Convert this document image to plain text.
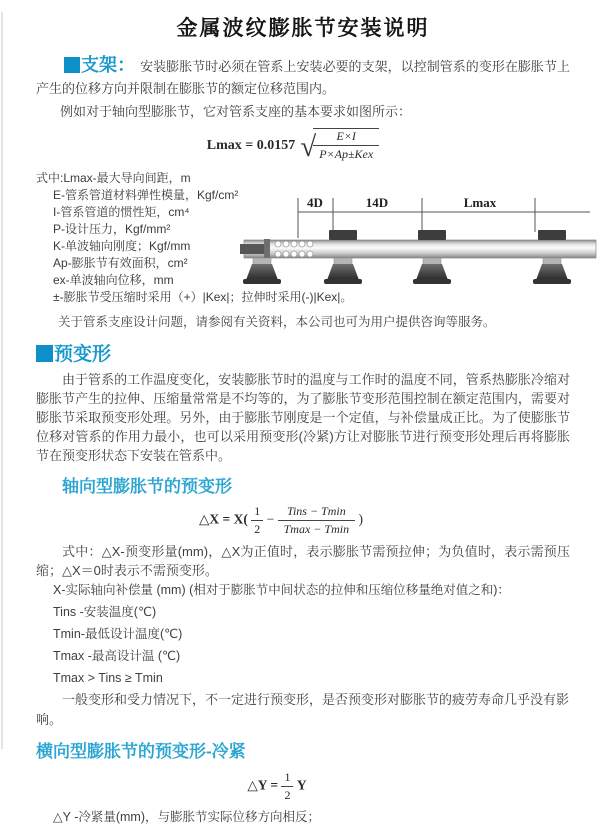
金属波纹膨胀节安装说明

支架： 安装膨胀节时必须在管系上安装必要的支架，以控制管系的变形在膨胀节上产生的位移方向并限制在膨胀节的额定位移范围内。

例如对于轴向型膨胀节，它对管系支座的基本要求如图所示：

Lmax = 0.0157 √
$\frac{E\times I}{\text{P×Ap±Kex}}$
式中:Lmax-最大导向间距，m
E-管系管道材料弹性模量，Kgf/cm²
I-管系管道的惯性矩，cm⁴
P-设计压力，Kgf/mm²
K-单波轴向刚度；Kgf/mm
Ap-膨胀节有效面积，cm²
ex-单波轴向位移，mm
±-膨胀节受压缩时采用（+）|Kex|；拉伸时采用(-)|Kex|。
4D	14D	Lmax

关于管系支座设计问题，请参阅有关资料，本公司也可为用户提供咨询等服务。

预变形

由于管系的工作温度变化，安装膨胀节时的温度与工作时的温度不同，管系热膨胀冷缩对膨胀节产生的拉伸、压缩量常常是不均等的，为了膨胀节变形范围控制在额定范围内，需要对膨胀节采取预变形处理。另外，由于膨胀节刚度是一个定值，与补偿量成正比。为了使膨胀节位移对管系的作用力最小，也可以采用预变形(冷紧)方让对膨胀节进行预变形处理后再将膨胀节在预变形状态下安装在管系中。

轴向型膨胀节的预变形
△X = $X( \frac{1}{2} - \frac{\text{Tins − Tmin}}{Tmax - Tmin}$ )

式中：△X-预变形量(mm)，△X为正值时，表示膨胀节需预拉伸；为负值时，表示需预压缩；△X＝0时表示不需预变形。

X-实际轴向补偿量 (mm) (相对于膨胀节中间状态的拉伸和压缩位移量绝对值之和)：
Tins -安装温度(℃)
Tmin-最低设计温度(℃)
Tmax -最高设计温 (℃)
Tmax > Tins ≥ Tmin

一般变形和受力情况下，不一定进行预变形，是否预变形对膨胀节的疲劳寿命几乎没有影响。

横向型膨胀节的预变形-冷紧
△Y = $\frac{1}{2}$ Y

△Y -冷紧量(mm)，与膨胀节实际位移方向相反；
